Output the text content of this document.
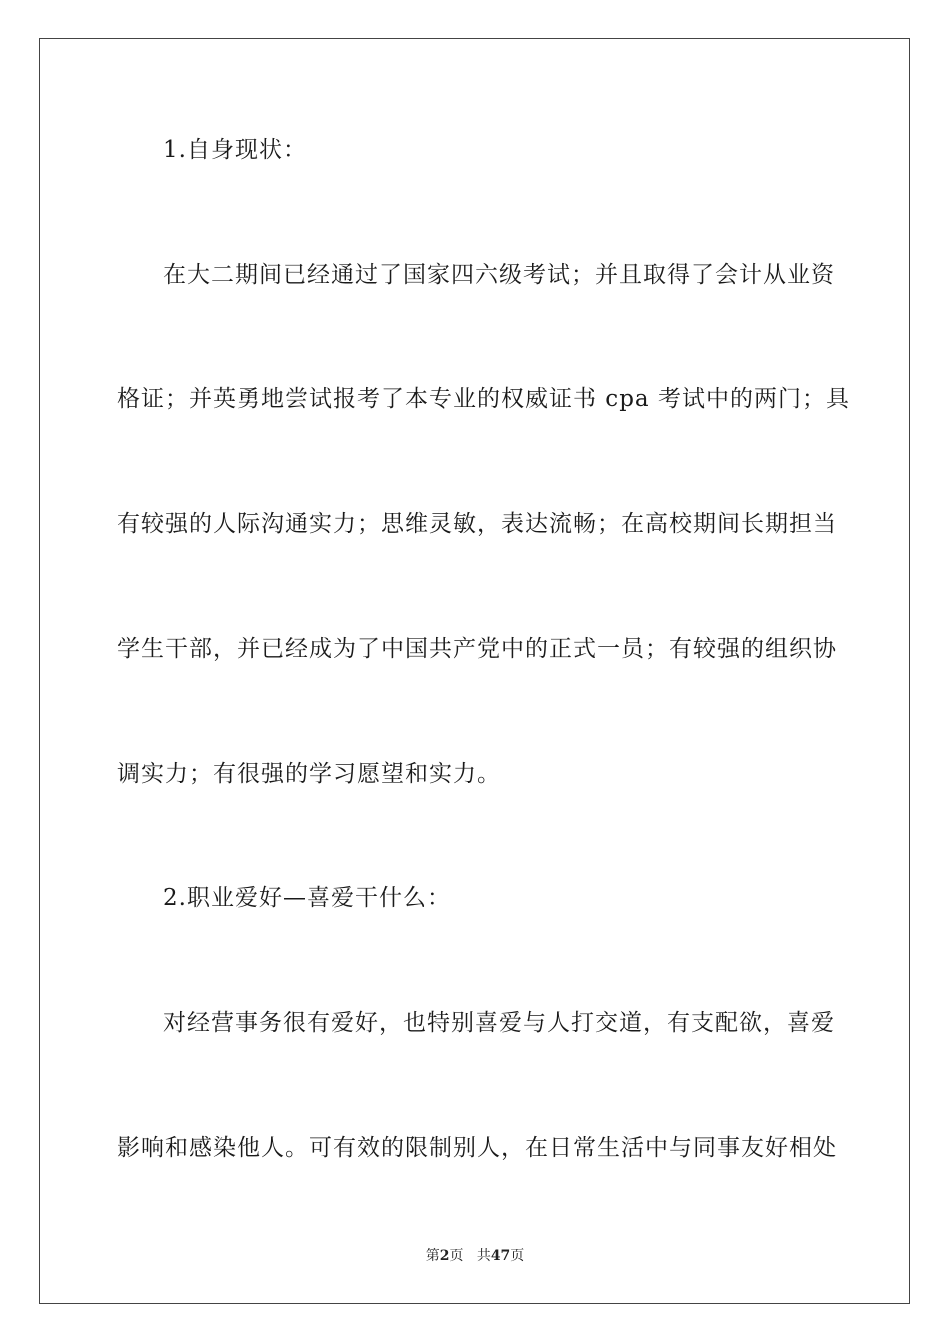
1.自身现状：
在大二期间已经通过了国家四六级考试；并且取得了会计从业资
格证；并英勇地尝试报考了本专业的权威证书 cpa 考试中的两门；具
有较强的人际沟通实力；思维灵敏，表达流畅；在高校期间长期担当
学生干部，并已经成为了中国共产党中的正式一员；有较强的组织协
调实力；有很强的学习愿望和实力。
2.职业爱好—喜爱干什么：
对经营事务很有爱好，也特别喜爱与人打交道，有支配欲，喜爱
影响和感染他人。可有效的限制别人，在日常生活中与同事友好相处
第2页 共47页
